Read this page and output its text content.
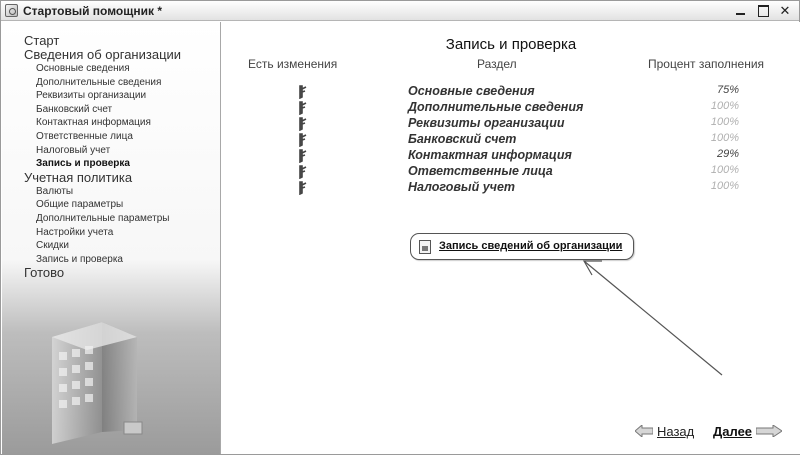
Стартовый помощник *	✕
Старт
Сведения об организации
Основные сведения
Дополнительные сведения
Реквизиты организации
Банковский счет
Контактная информация
Ответственные лица
Налоговый учет
Запись и проверка
Учетная политика
Валюты
Общие параметры
Дополнительные параметры
Настройки учета
Скидки
Запись и проверка
Готово
Запись и проверка
Есть изменения	Раздел	Процент заполнения
Основные сведения	75%
Дополнительные сведения	100%
Реквизиты организации	100%
Банковский счет	100%
Контактная информация	29%
Ответственные лица	100%
Налоговый учет	100%
Запись сведений об организации
Назад Далее
